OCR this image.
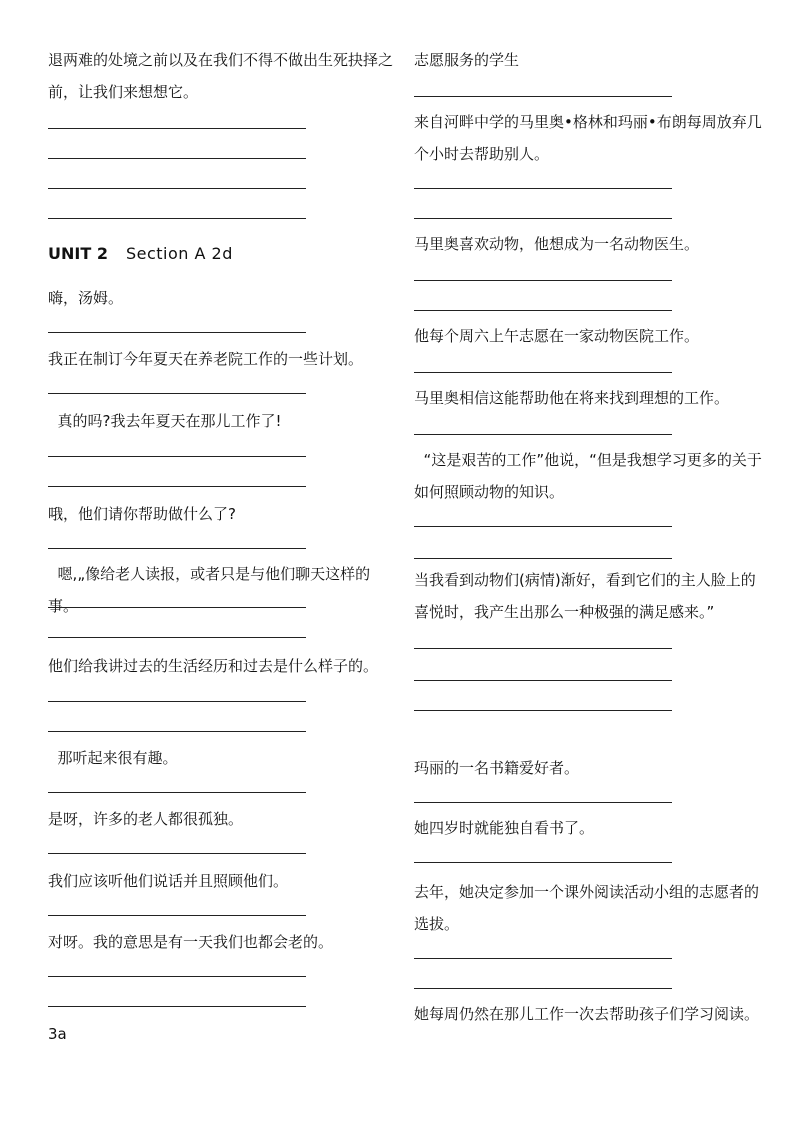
退两难的处境之前以及在我们不得不做出生死抉择之前，让我们来想想它。
UNIT 2 Section A 2d
嗨，汤姆。
我正在制订今年夏天在养老院工作的一些计划。
真的吗?我去年夏天在那儿工作了!
哦，他们请你帮助做什么了?
嗯,„像给老人读报，或者只是与他们聊天这样的事。
他们给我讲过去的生活经历和过去是什么样子的。
那听起来很有趣。
是呀，许多的老人都很孤独。
我们应该听他们说话并且照顾他们。
对呀。我的意思是有一天我们也都会老的。
3a
志愿服务的学生
来自河畔中学的马里奥•格林和玛丽•布朗每周放弃几个小时去帮助别人。
马里奥喜欢动物，他想成为一名动物医生。
他每个周六上午志愿在一家动物医院工作。
马里奥相信这能帮助他在将来找到理想的工作。
“这是艰苦的工作”他说，“但是我想学习更多的关于如何照顾动物的知识。
当我看到动物们(病情)渐好，看到它们的主人脸上的喜悦时，我产生出那么一种极强的满足感来。”
玛丽的一名书籍爱好者。
她四岁时就能独自看书了。
去年，她决定参加一个课外阅读活动小组的志愿者的选拔。
她每周仍然在那儿工作一次去帮助孩子们学习阅读。
